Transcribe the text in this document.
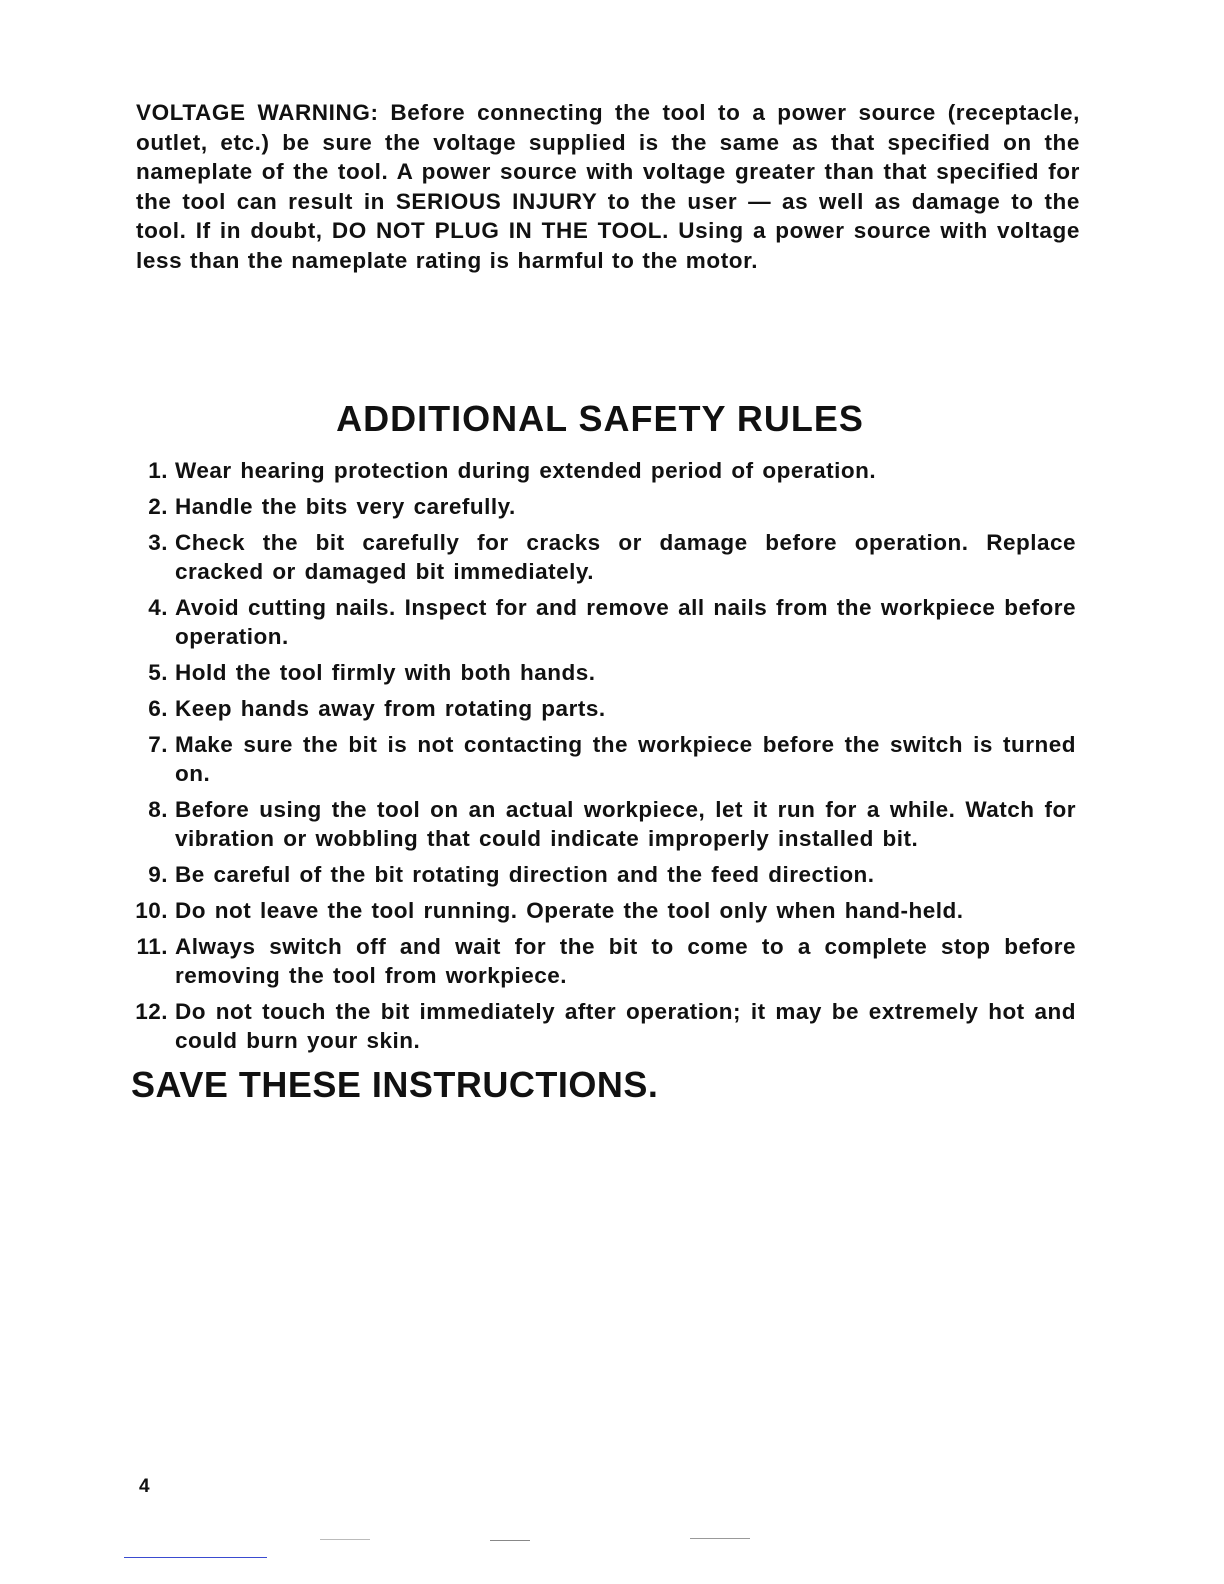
VOLTAGE WARNING: Before connecting the tool to a power source (receptacle, outlet, etc.) be sure the voltage supplied is the same as that specified on the nameplate of the tool. A power source with voltage greater than that specified for the tool can result in SERIOUS INJURY to the user — as well as damage to the tool. If in doubt, DO NOT PLUG IN THE TOOL. Using a power source with voltage less than the nameplate rating is harmful to the motor.

ADDITIONAL SAFETY RULES
1. Wear hearing protection during extended period of operation.
2. Handle the bits very carefully.
3. Check the bit carefully for cracks or damage before operation. Replace cracked or damaged bit immediately.
4. Avoid cutting nails. Inspect for and remove all nails from the workpiece before operation.
5. Hold the tool firmly with both hands.
6. Keep hands away from rotating parts.
7. Make sure the bit is not contacting the workpiece before the switch is turned on.
8. Before using the tool on an actual workpiece, let it run for a while. Watch for vibration or wobbling that could indicate improperly installed bit.
9. Be careful of the bit rotating direction and the feed direction.
10. Do not leave the tool running. Operate the tool only when hand-held.
11. Always switch off and wait for the bit to come to a complete stop before removing the tool from workpiece.
12. Do not touch the bit immediately after operation; it may be extremely hot and could burn your skin.
SAVE THESE INSTRUCTIONS.

4
